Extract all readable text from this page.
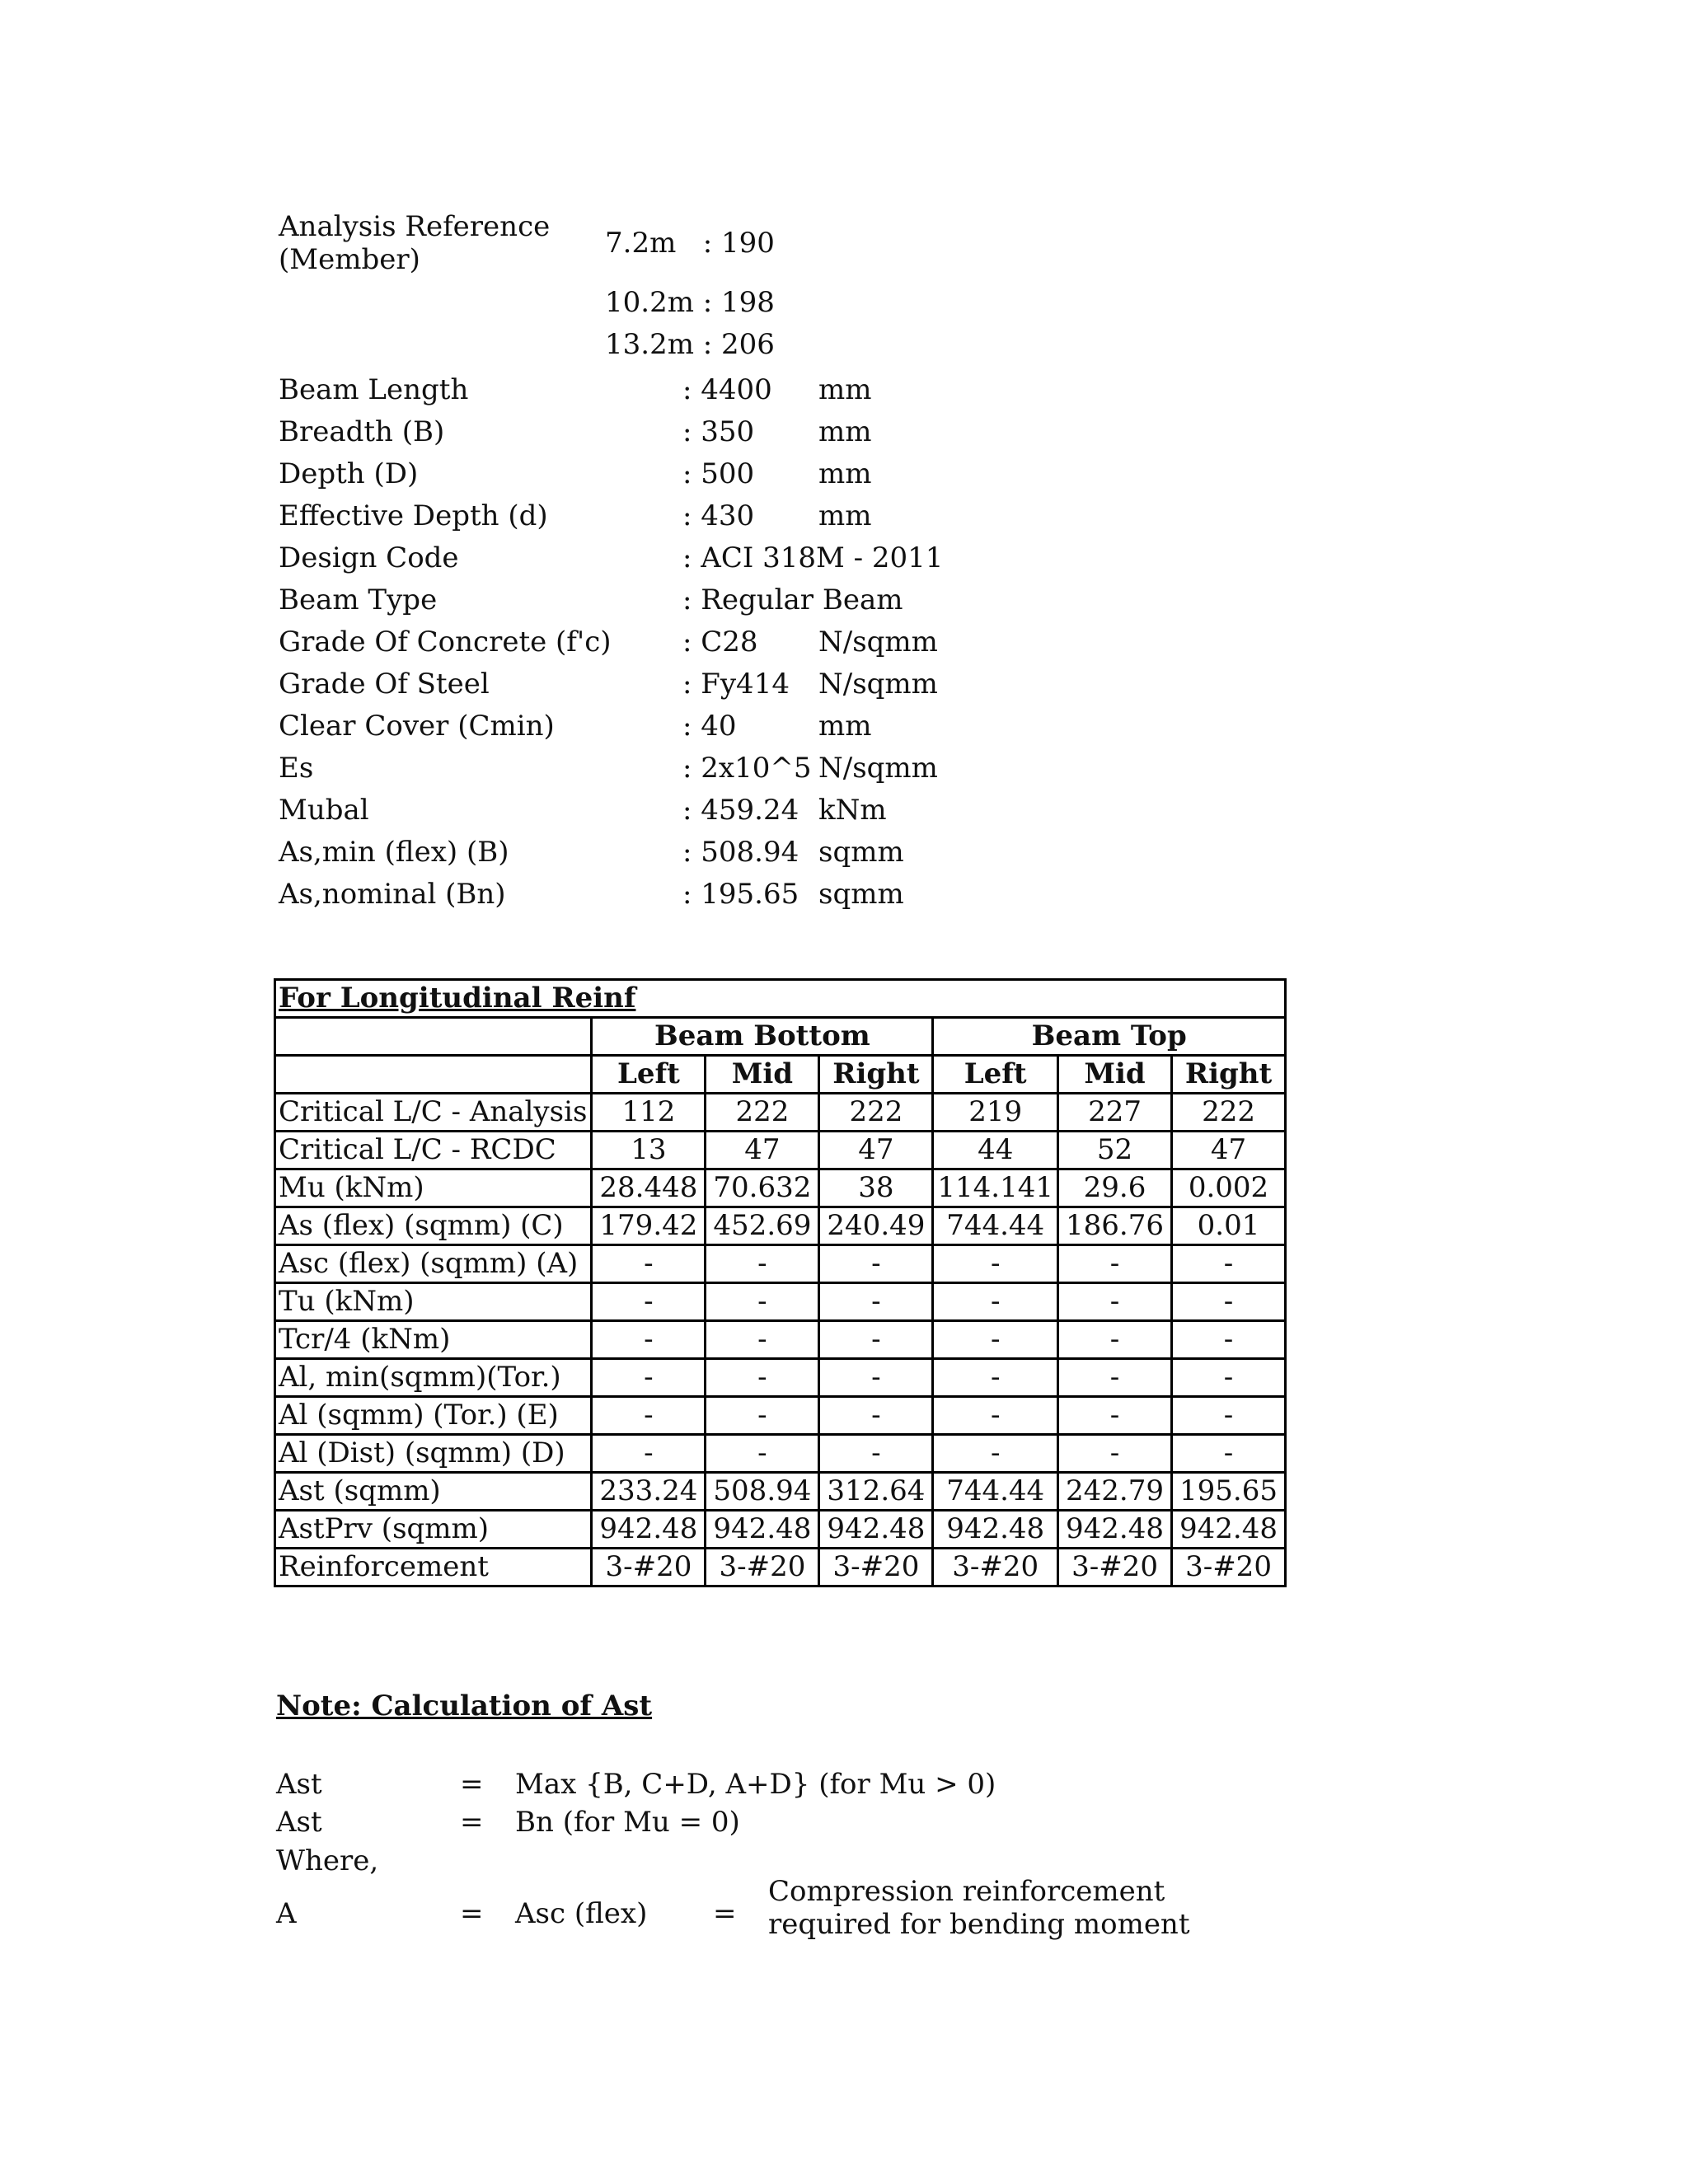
Analysis Reference (Member)	7.2m   : 190
10.2m : 198
13.2m : 206
Beam Length	: 4400 mm
Breadth (B)	: 350 mm
Depth (D)	: 500 mm
Effective Depth (d)	: 430 mm
Design Code	: ACI 318M - 2011
Beam Type	: Regular Beam
Grade Of Concrete (f'c)	: C28 N/sqmm
Grade Of Steel	: Fy414 N/sqmm
Clear Cover (Cmin)	: 40	mm
Es	: 2x10^5 N/sqmm
Mubal	: 459.24 kNm
As,min (flex) (B)	: 508.94 sqmm
As,nominal (Bn)	: 195.65 sqmm
For Longitudinal Reinf						
	Beam Bottom			Beam Top		
	Left	Mid	Right	Left	Mid	Right
Critical L/C - Analysis	112	222	222	219	227	222
Critical L/C - RCDC	13	47	47	44	52	47
Mu (kNm)	28.448	70.632	38	114.141	29.6	0.002
As (flex) (sqmm) (C)	179.42	452.69	240.49	744.44	186.76	0.01
Asc (flex) (sqmm) (A)	-	-	-	-	-	-
Tu (kNm)	-	-	-	-	-	-
Tcr/4 (kNm)	-	-	-	-	-	-
Al, min(sqmm)(Tor.)	-	-	-	-	-	-
Al (sqmm) (Tor.) (E)	-	-	-	-	-	-
Al (Dist) (sqmm) (D)	-	-	-	-	-	-
Ast (sqmm)	233.24	508.94	312.64	744.44	242.79	195.65
AstPrv (sqmm)	942.48	942.48	942.48	942.48	942.48	942.48
Reinforcement	3-#20	3-#20	3-#20	3-#20	3-#20	3-#20
Note: Calculation of Ast
Ast	= Max {B, C+D, A+D} (for Mu > 0)
Ast	= Bn (for Mu = 0)
Where,
A	= Asc (flex) =
Compression reinforcement required for bending moment
